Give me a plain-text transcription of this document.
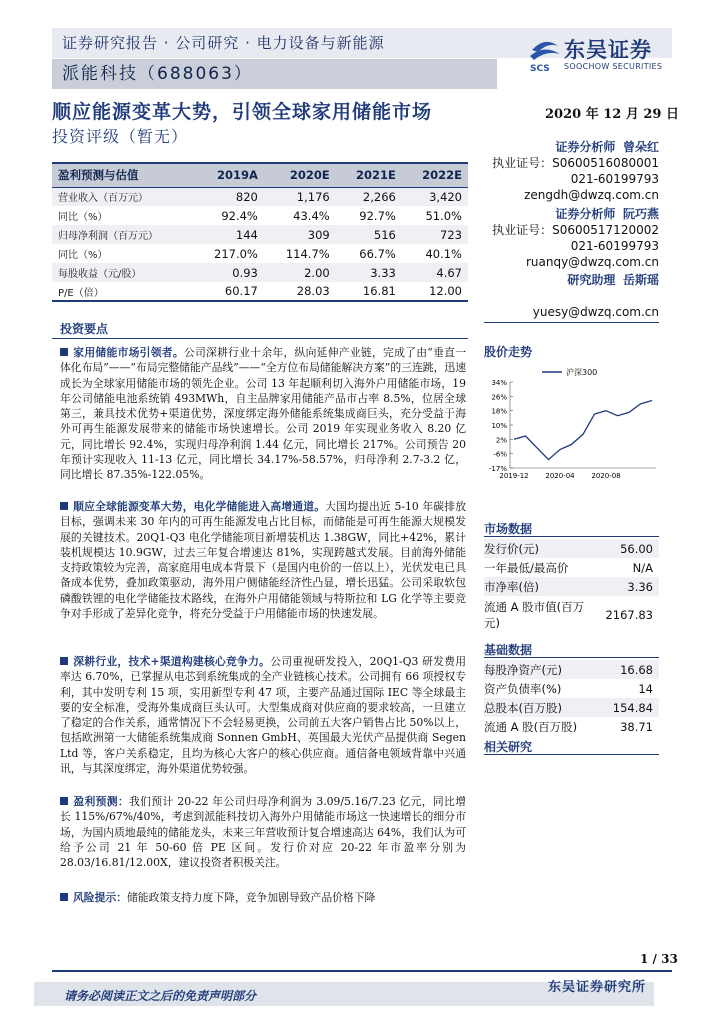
证券研究报告 · 公司研究 · 电力设备与新能源
派能科技（688063）	SCS
东吴证券
SOOCHOW SECURITIES
顺应能源变革大势，引领全球家用储能市场
投资评级（暂无）
2020 年 12 月 29 日
证券分析师 曾朵红
执业证号：S0600516080001
021-60199793
zengdh@dwzq.com.cn
证券分析师 阮巧燕
执业证号：S0600517120002
021-60199793
ruanqy@dwzq.com.cn
研究助理 岳斯瑶
yuesy@dwzq.com.cn
盈利预测与估值	2019A	2020E	2021E	2022E
营业收入（百万元）	820	1,176	2,266	3,420
同比（%）	92.4%	43.4%	92.7%	51.0%
归母净利润（百万元）	144	309	516	723
同比（%）	217.0%	114.7%	66.7%	40.1%
每股收益（元/股）	0.93	2.00	3.33	4.67
P/E（倍）	60.17	28.03	16.81	12.00
投资要点
家用储能市场引领者。公司深耕行业十余年，纵向延伸产业链，完成了由“垂直一体化布局”——“布局完整储能产品线”——“全方位布局储能解决方案”的三连跳，迅速成长为全球家用储能市场的领先企业。公司 13 年起顺利切入海外户用储能市场，19 年公司储能电池系统销 493MWh，自主品牌家用储能产品市占率 8.5%，位居全球第三，兼具技术优势+渠道优势，深度绑定海外储能系统集成商巨头，充分受益于海外可再生能源发展带来的储能市场快速增长。公司 2019 年实现业务收入 8.20 亿元，同比增长 92.4%，实现归母净利润 1.44 亿元，同比增长 217%。公司预告 20 年预计实现收入 11-13 亿元，同比增长 34.17%-58.57%，归母净利 2.7-3.2 亿，同比增长 87.35%-122.05%。
顺应全球能源变革大势，电化学储能进入高增通道。大国均提出近 5-10 年碳排放目标，强调未来 30 年内的可再生能源发电占比目标，而储能是可再生能源大规模发展的关键技术。20Q1-Q3 电化学储能项目新增装机达 1.38GW，同比+42%，累计装机规模达 10.9GW，过去三年复合增速达 81%，实现跨越式发展。目前海外储能支持政策较为完善，高家庭用电成本背景下（是国内电价的一倍以上），光伏发电已具备成本优势，叠加政策驱动，海外用户侧储能经济性凸显，增长迅猛。公司采取软包磷酸铁锂的电化学储能技术路线，在海外户用储能领域与特斯拉和 LG 化学等主要竞争对手形成了差异化竞争，将充分受益于户用储能市场的快速发展。
深耕行业，技术+渠道构建核心竞争力。公司重视研发投入，20Q1-Q3 研发费用率达 6.70%，已掌握从电芯到系统集成的全产业链核心技术。公司拥有 66 项授权专利，其中发明专利 15 项，实用新型专利 47 项，主要产品通过国际 IEC 等全球最主要的安全标准，受海外集成商巨头认可。大型集成商对供应商的要求较高，一旦建立了稳定的合作关系，通常情况下不会轻易更换，公司前五大客户销售占比 50%以上，包括欧洲第一大储能系统集成商 Sonnen GmbH、英国最大光伏产品提供商 Segen Ltd 等，客户关系稳定，且均为核心大客户的核心供应商。通信备电领域背靠中兴通讯，与其深度绑定，海外渠道优势较强。
盈利预测：我们预计 20-22 年公司归母净利润为 3.09/5.16/7.23 亿元，同比增长 115%/67%/40%，考虑到派能科技切入海外户用储能市场这一快速增长的细分市场，为国内质地最纯的储能龙头，未来三年营收预计复合增速高达 64%，我们认为可给予公司 21 年 50-60 倍 PE 区间。发行价对应 20-22 年市盈率分别为 28.03/16.81/12.00X，建议投资者积极关注。
风险提示：储能政策支持力度下降，竞争加剧导致产品价格下降
股价走势
34%
26%
18%
10%
2%
-6%
-17%
2019-12 2020-04 2020-08
沪深300
市场数据
发行价(元)	56.00
一年最低/最高价	N/A
市净率(倍)	3.36
流通 A 股市值(百万元)	2167.83
基础数据
每股净资产(元)	16.68
资产负债率(%)	14
总股本(百万股)	154.84
流通 A 股(百万股)	38.71
相关研究
1 / 33
请务必阅读正文之后的免责声明部分
东吴证券研究所
